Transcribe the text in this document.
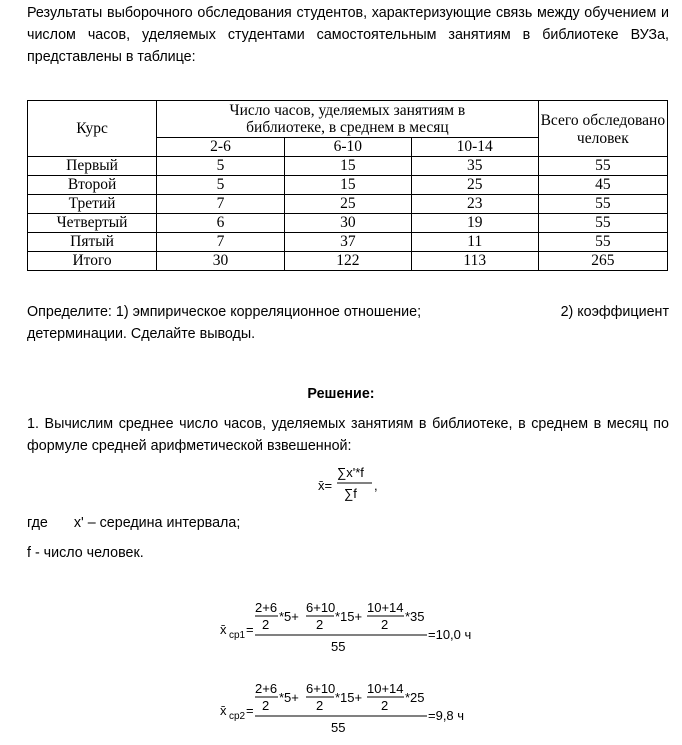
Результаты выборочного обследования студентов, характеризующие связь между обучением и числом часов, уделяемых студентами самостоятельным занятиям в библиотеке ВУЗа, представлены в таблице:
Курс	Число часов, уделяемых занятиям в библиотеке, в среднем в месяц			Всего обследовано человек
	2-6	6-10	10-14	
Первый	5	15	35	55
Второй	5	15	25	45
Третий	7	25	23	55
Четвертый	6	30	19	55
Пятый	7	37	11	55
Итого	30	122	113	265
Определите: 1) эмпирическое корреляционное отношение;	2) коэффициент
детерминации. Сделайте выводы.
Решение:
1. Вычислим среднее число часов, уделяемых занятиям в библиотеке, в среднем в месяц по формуле средней арифметической взвешенной:
x̄=
∑x'*f
∑f
,
где x' – середина интервала;
f - число человек.
x̄ ср1 =
2+6
2
*5+
6+10
2
*15+
10+14
2
*35
55
=10,0 ч
x̄ ср2 =
2+6
2
*5+
6+10
2
*15+
10+14
2
*25
55
=9,8 ч
